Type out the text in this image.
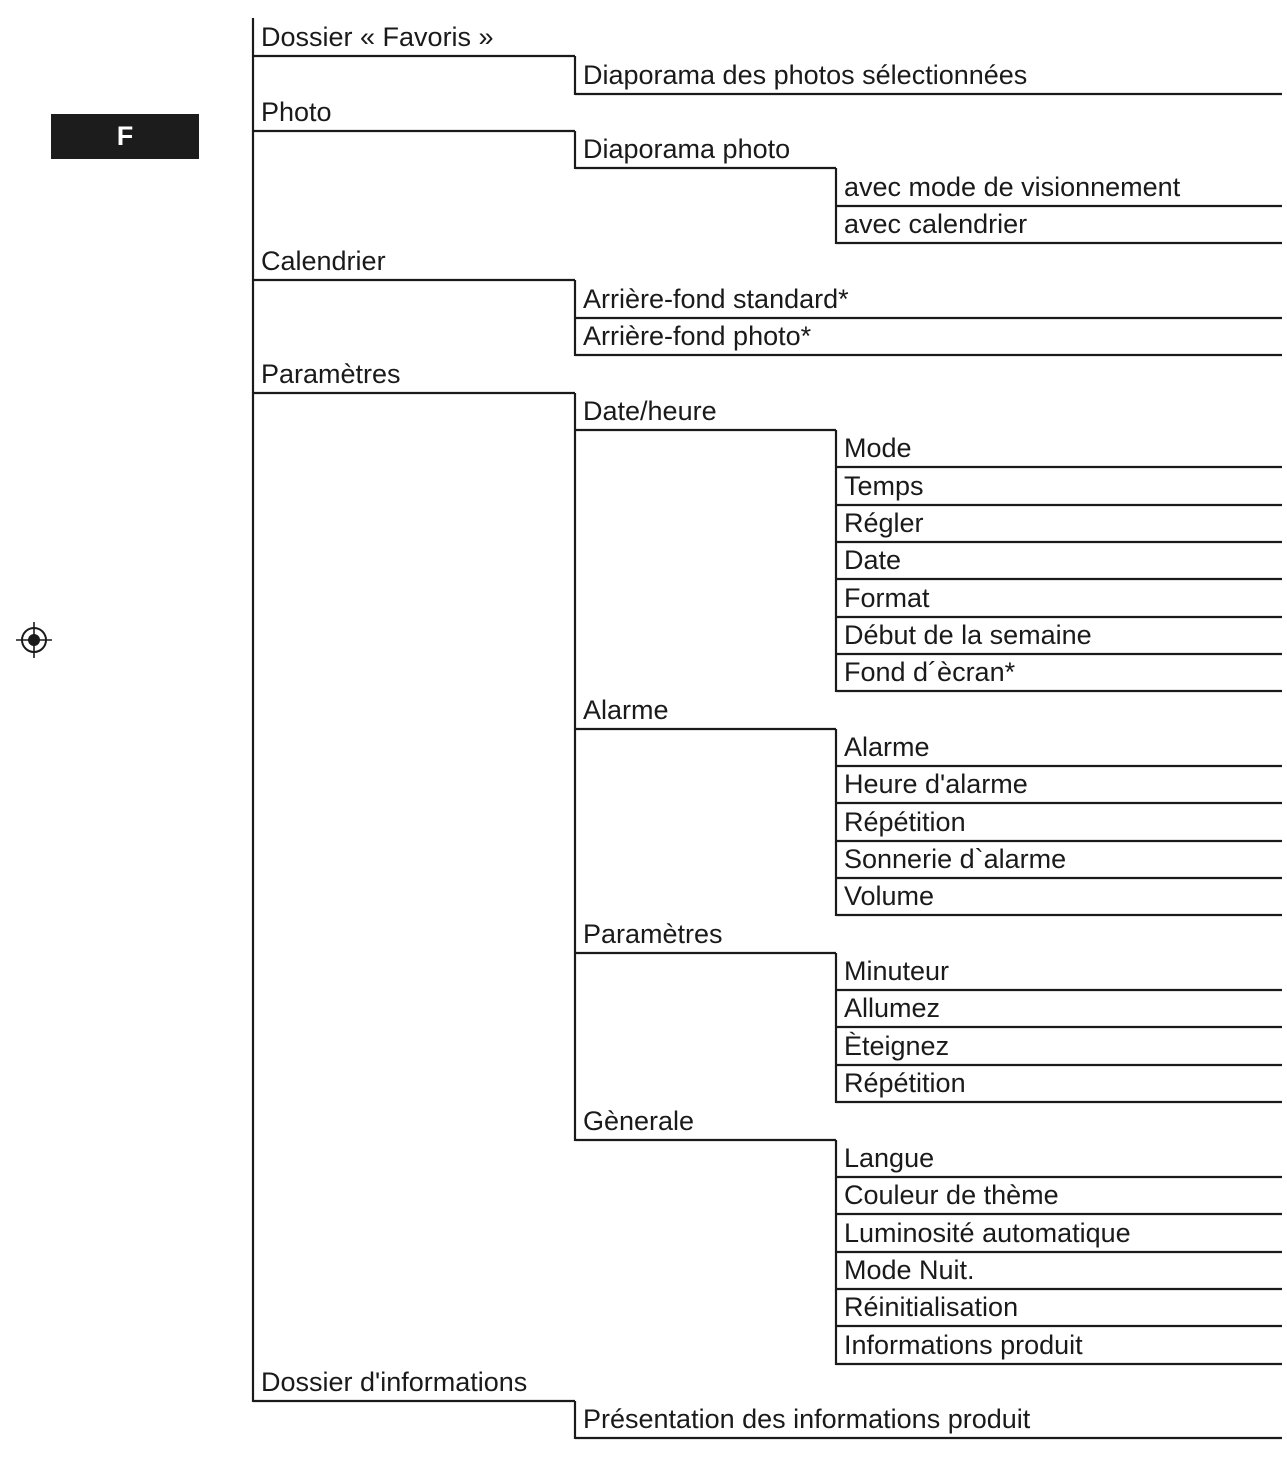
F
Dossier « Favoris »
Diaporama des photos sélectionnées
Photo
Diaporama photo
avec mode de visionnement
avec calendrier
Calendrier
Arrière-fond standard*
Arrière-fond photo*
Paramètres
Date/heure
Mode
Temps
Régler
Date
Format
Début de la semaine
Fond d´ècran*
Alarme
Alarme
Heure d'alarme
Répétition
Sonnerie d`alarme
Volume
Paramètres
Minuteur
Allumez
Èteignez
Répétition
Gènerale
Langue
Couleur de thème
Luminosité automatique
Mode Nuit.
Réinitialisation
Informations produit
Dossier d'informations
Présentation des informations produit
